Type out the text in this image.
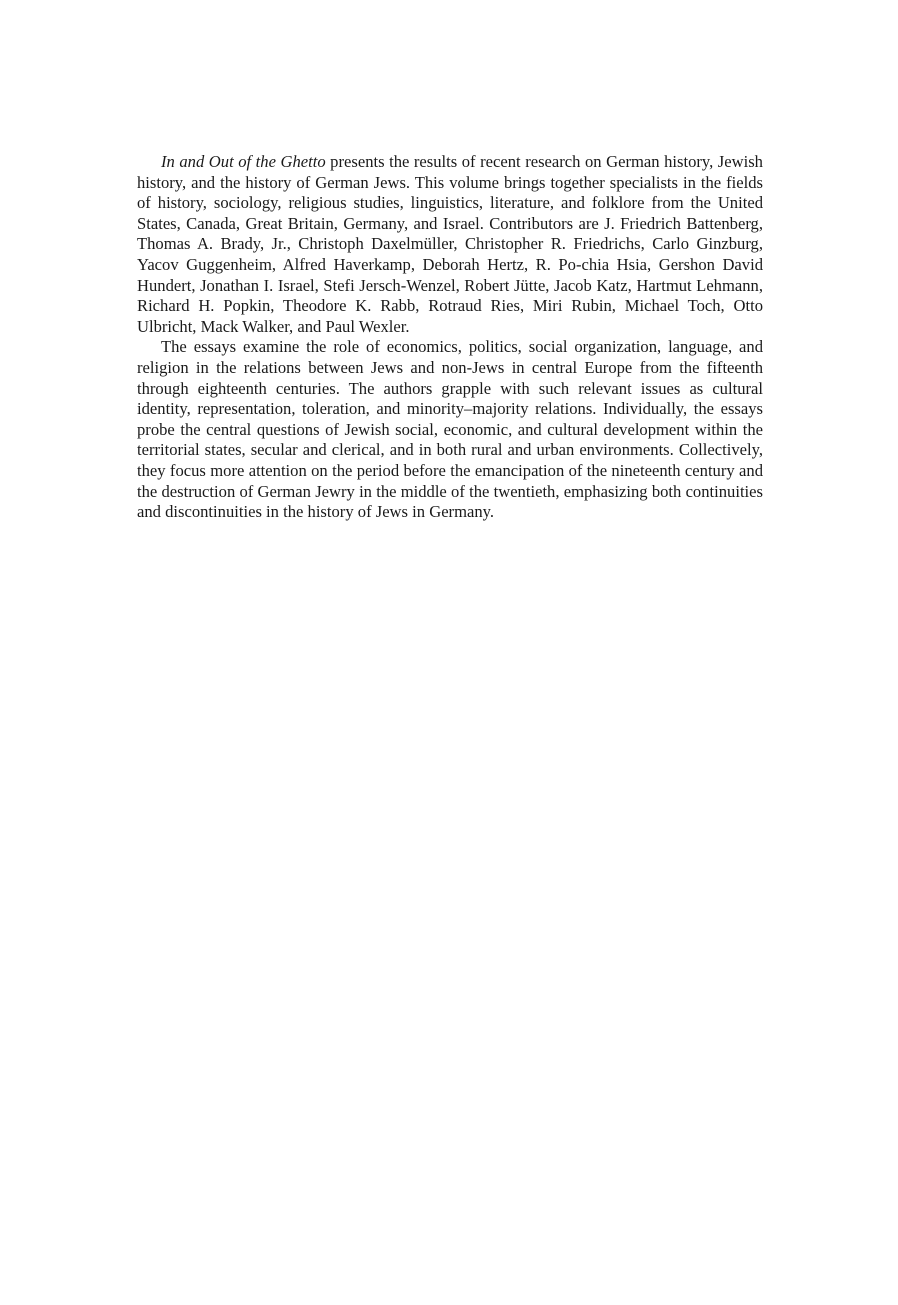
In and Out of the Ghetto presents the results of recent research on German history, Jewish history, and the history of German Jews. This volume brings together specialists in the fields of history, sociology, religious studies, linguistics, literature, and folklore from the United States, Canada, Great Britain, Germany, and Israel. Contributors are J. Friedrich Battenberg, Thomas A. Brady, Jr., Christoph Daxelmüller, Christopher R. Friedrichs, Carlo Ginzburg, Yacov Guggenheim, Alfred Haverkamp, Deborah Hertz, R. Po-chia Hsia, Gershon David Hundert, Jonathan I. Israel, Stefi Jersch-Wenzel, Robert Jütte, Jacob Katz, Hartmut Lehmann, Richard H. Popkin, Theodore K. Rabb, Rotraud Ries, Miri Rubin, Michael Toch, Otto Ulbricht, Mack Walker, and Paul Wexler.

The essays examine the role of economics, politics, social organization, language, and religion in the relations between Jews and non-Jews in central Europe from the fifteenth through eighteenth centuries. The authors grapple with such relevant issues as cultural identity, representation, toleration, and minority–majority relations. Individually, the essays probe the central questions of Jewish social, economic, and cultural development within the territorial states, secular and clerical, and in both rural and urban environments. Collectively, they focus more attention on the period before the emancipation of the nineteenth century and the destruction of German Jewry in the middle of the twentieth, emphasizing both continuities and discontinuities in the history of Jews in Germany.
